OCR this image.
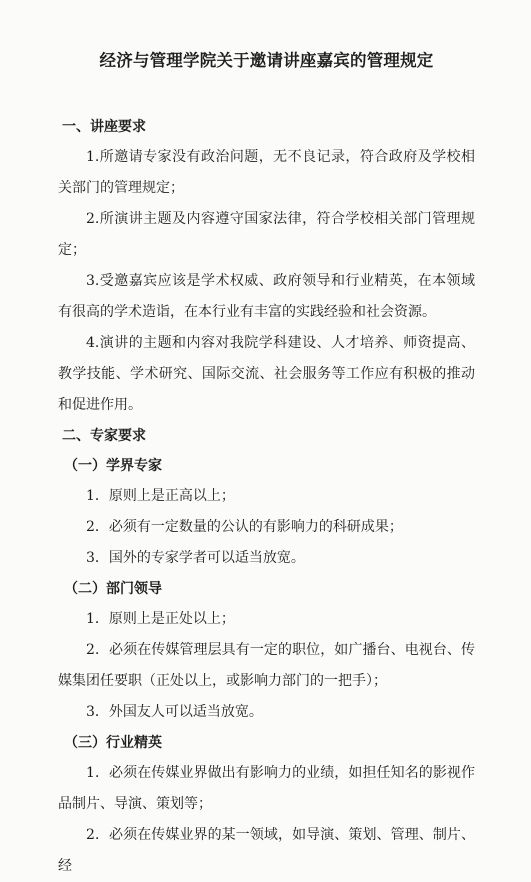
经济与管理学院关于邀请讲座嘉宾的管理规定
一、讲座要求

1.所邀请专家没有政治问题，无不良记录，符合政府及学校相关部门的管理规定；

2.所演讲主题及内容遵守国家法律，符合学校相关部门管理规定；

3.受邀嘉宾应该是学术权威、政府领导和行业精英，在本领域有很高的学术造诣，在本行业有丰富的实践经验和社会资源。

4.演讲的主题和内容对我院学科建设、人才培养、师资提高、教学技能、学术研究、国际交流、社会服务等工作应有积极的推动和促进作用。

二、专家要求
（一）学界专家

1．原则上是正高以上；

2．必须有一定数量的公认的有影响力的科研成果；

3．国外的专家学者可以适当放宽。

（二）部门领导

1．原则上是正处以上；

2．必须在传媒管理层具有一定的职位，如广播台、电视台、传媒集团任要职（正处以上，或影响力部门的一把手）；

3．外国友人可以适当放宽。

（三）行业精英

1．必须在传媒业界做出有影响力的业绩，如担任知名的影视作品制片、导演、策划等；

2．必须在传媒业界的某一领域，如导演、策划、管理、制片、经
